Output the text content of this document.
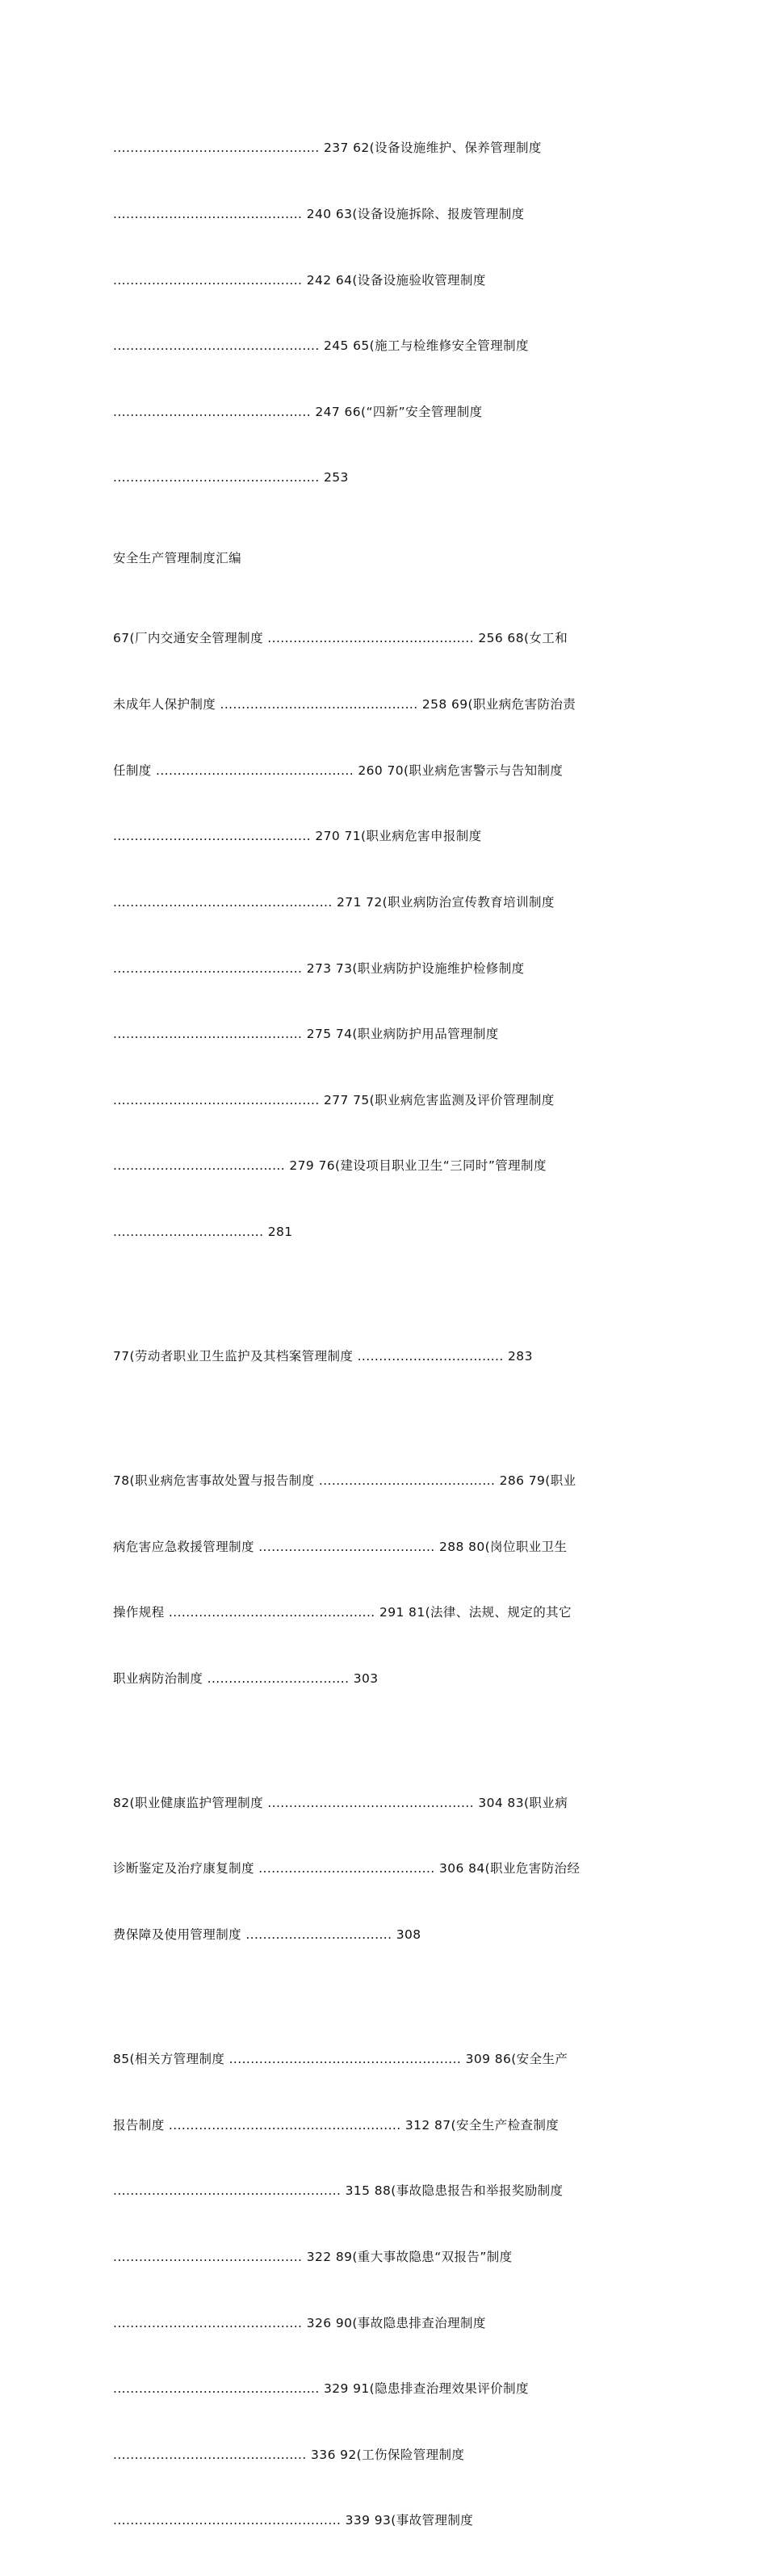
................................................ 237 62(设备设施维护、保养管理制度

............................................ 240 63(设备设施拆除、报废管理制度

............................................ 242 64(设备设施验收管理制度

................................................ 245 65(施工与检维修安全管理制度

.............................................. 247 66(“四新”安全管理制度

................................................ 253

安全生产管理制度汇编

67(厂内交通安全管理制度 ................................................ 256 68(女工和

未成年人保护制度 .............................................. 258 69(职业病危害防治责

任制度 .............................................. 260 70(职业病危害警示与告知制度

.............................................. 270 71(职业病危害申报制度

................................................... 271 72(职业病防治宣传教育培训制度

............................................ 273 73(职业病防护设施维护检修制度

............................................ 275 74(职业病防护用品管理制度

................................................ 277 75(职业病危害监测及评价管理制度

........................................ 279 76(建设项目职业卫生“三同时”管理制度

................................... 281

77(劳动者职业卫生监护及其档案管理制度 .................................. 283

78(职业病危害事故处置与报告制度 ......................................... 286 79(职业

病危害应急救援管理制度 ......................................... 288 80(岗位职业卫生

操作规程 ................................................ 291 81(法律、法规、规定的其它

职业病防治制度 ................................. 303

82(职业健康监护管理制度 ................................................ 304 83(职业病

诊断鉴定及治疗康复制度 ......................................... 306 84(职业危害防治经

费保障及使用管理制度 .................................. 308

85(相关方管理制度 ...................................................... 309 86(安全生产

报告制度 ...................................................... 312 87(安全生产检查制度

..................................................... 315 88(事故隐患报告和举报奖励制度

............................................ 322 89(重大事故隐患“双报告”制度

............................................ 326 90(事故隐患排查治理制度

................................................ 329 91(隐患排查治理效果评价制度

............................................. 336 92(工伤保险管理制度

..................................................... 339 93(事故管理制度
